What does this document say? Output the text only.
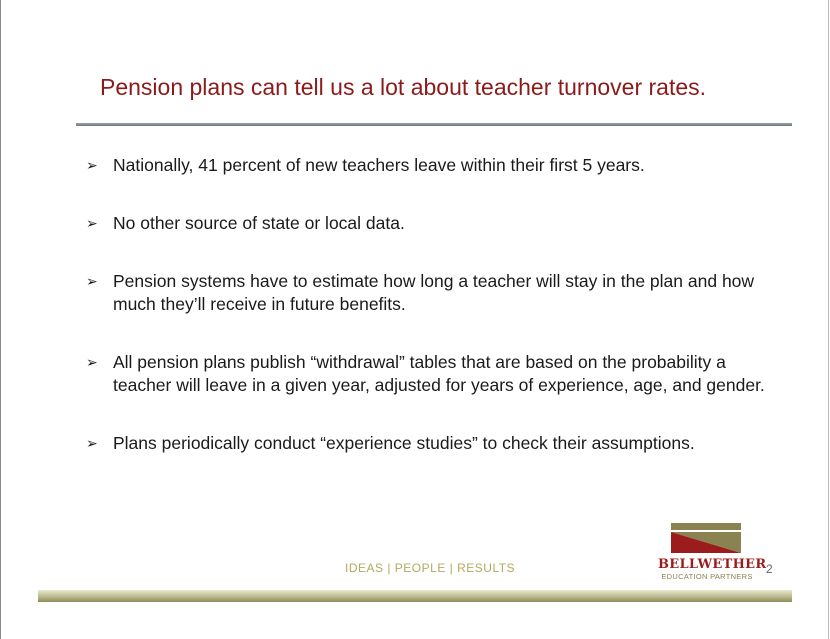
Pension plans can tell us a lot about teacher turnover rates.
➢ Nationally, 41 percent of new teachers leave within their first 5 years.
➢ No other source of state or local data.
➢ Pension systems have to estimate how long a teacher will stay in the plan and how much they’ll receive in future benefits.
➢ All pension plans publish “withdrawal” tables that are based on the probability a teacher will leave in a given year, adjusted for years of experience, age, and gender.
➢ Plans periodically conduct “experience studies” to check their assumptions.
IDEAS | PEOPLE | RESULTS	BELLWETHER
EDUCATION PARTNERS
2
